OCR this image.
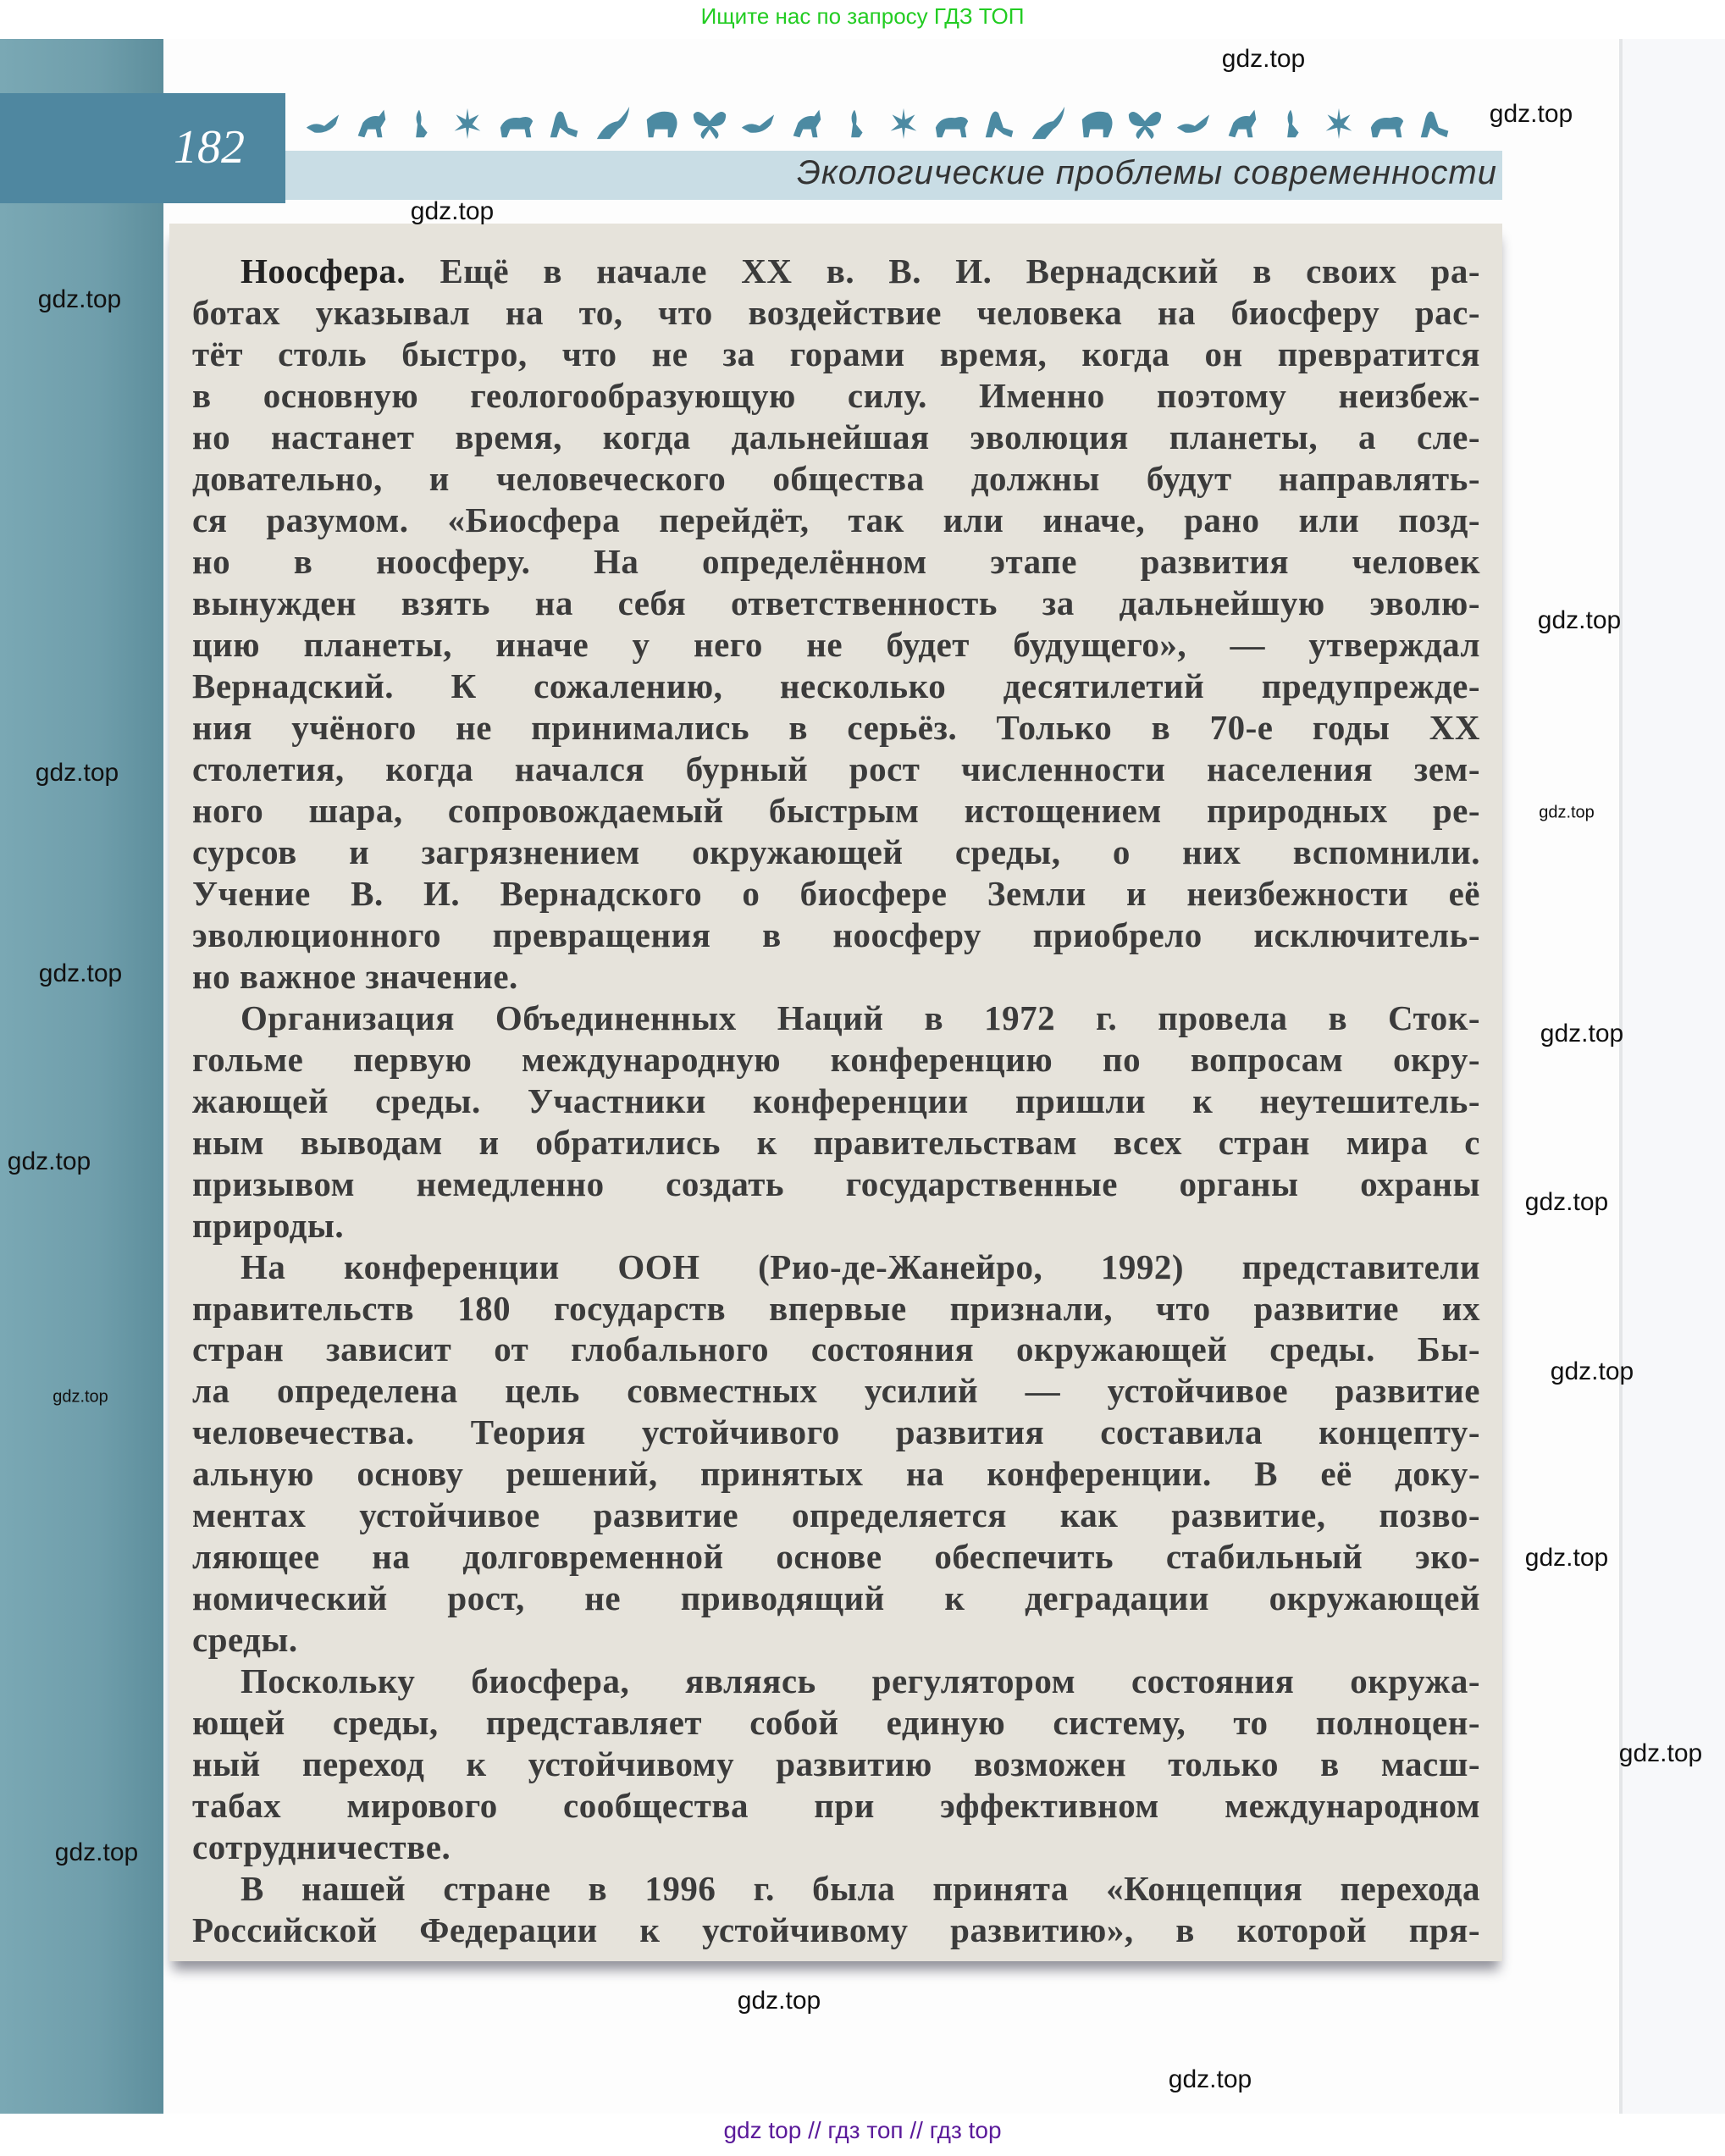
Ищите нас по запросу ГДЗ ТОП
182	Экологические проблемы современности
Ноосфера. Ещё в начале XX в. В. И. Вернадский в своих ра-
ботах указывал на то, что воздействие человека на биосферу рас-
тёт столь быстро, что не за горами время, когда он превратится
в основную геологообразующую силу. Именно поэтому неизбеж-
но настанет время, когда дальнейшая эволюция планеты, а сле-
довательно, и человеческого общества должны будут направлять-
ся разумом. «Биосфера перейдёт, так или иначе, рано или позд-
но в ноосферу. На определённом этапе развития человек
вынужден взять на себя ответственность за дальнейшую эволю-
цию планеты, иначе у него не будет будущего», — утверждал
Вернадский. К сожалению, несколько десятилетий предупрежде-
ния учёного не принимались в серьёз. Только в 70-е годы XX
столетия, когда начался бурный рост численности населения зем-
ного шара, сопровождаемый быстрым истощением природных ре-
сурсов и загрязнением окружающей среды, о них вспомнили.
Учение В. И. Вернадского о биосфере Земли и неизбежности её
эволюционного превращения в ноосферу приобрело исключитель-
но важное значение.
Организация Объединенных Наций в 1972 г. провела в Сток-
гольме первую международную конференцию по вопросам окру-
жающей среды. Участники конференции пришли к неутешитель-
ным выводам и обратились к правительствам всех стран мира с
призывом немедленно создать государственные органы охраны
природы.
На конференции ООН (Рио-де-Жанейро, 1992) представители
правительств 180 государств впервые признали, что развитие их
стран зависит от глобального состояния окружающей среды. Бы-
ла определена цель совместных усилий — устойчивое развитие
человечества. Теория устойчивого развития составила концепту-
альную основу решений, принятых на конференции. В её доку-
ментах устойчивое развитие определяется как развитие, позво-
ляющее на долговременной основе обеспечить стабильный эко-
номический рост, не приводящий к деградации окружающей
среды.
Поскольку биосфера, являясь регулятором состояния окружа-
ющей среды, представляет собой единую систему, то полноцен-
ный переход к устойчивому развитию возможен только в масш-
табах мирового сообщества при эффективном международном
сотрудничестве.
В нашей стране в 1996 г. была принята «Концепция перехода
Российской Федерации к устойчивому развитию», в которой пря-
gdz.top
gdz.top
gdz.top
gdz.top
gdz.top
gdz.top
gdz.top
gdz.top
gdz.top
gdz.top
gdz.top
gdz.top
gdz.top
gdz.top
gdz.top
gdz.top
gdz.top
gdz.top
gdz top // гдз топ // гдз top
